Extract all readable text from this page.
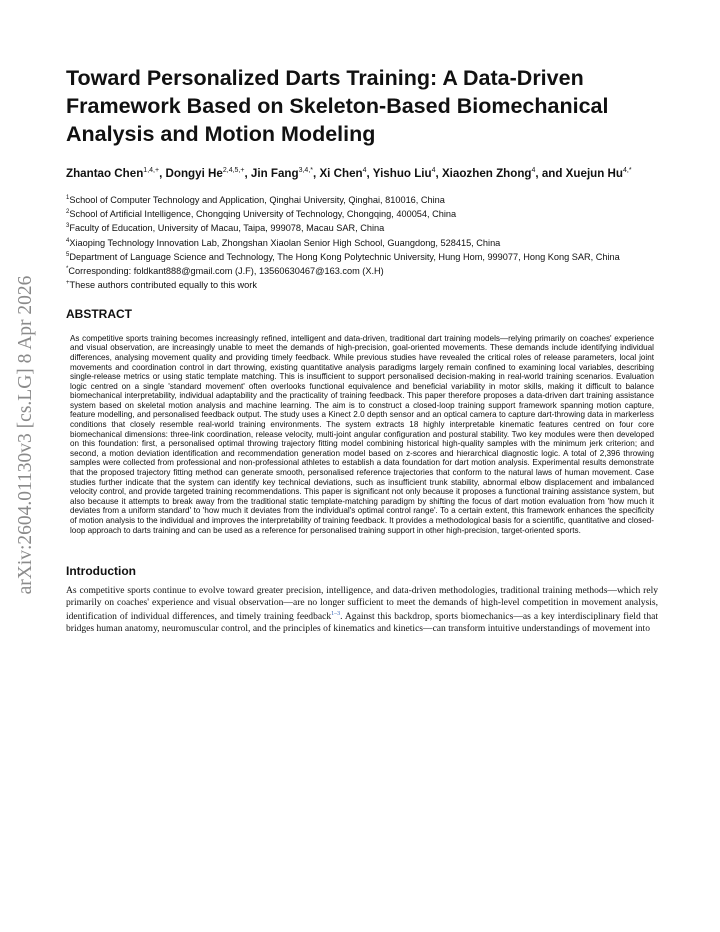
arXiv:2604.01130v3 [cs.LG] 8 Apr 2026
Toward Personalized Darts Training: A Data-Driven Framework Based on Skeleton-Based Biomechanical Analysis and Motion Modeling
Zhantao Chen$^{1,4,+}$, Dongyi $He^{2,4,5,+}$, Jin Fang$^{3,4,*}$, Xi Chen$^4$, Yishuo Liu$^4$, Xiaozhen Zhong$^4$, and Xuejun $Hu^{4,*}$
$^1$School of Computer Technology and Application, Qinghai University, Qinghai, 810016, China
$^2$School of Artificial Intelligence, Chongqing University of Technology, Chongqing, 400054, China
$^3$Faculty of Education, University of Macau, Taipa, 999078, Macau SAR, China
$^4$Xiaoping Technology Innovation Lab, Zhongshan Xiaolan Senior High School, Guangdong, 528415, China
$^5$Department of Language Science and Technology, The Hong Kong Polytechnic University, Hung Hom, 999077, Hong Kong SAR, China
*Corresponding: foldkant888@gmail.com (J.F), 13560630467@163.com (X.H)
+These authors contributed equally to this work
ABSTRACT
As competitive sports training becomes increasingly refined, intelligent and data-driven, traditional dart training models—relying primarily on coaches' experience and visual observation, are increasingly unable to meet the demands of high-precision, goal-oriented movements. These demands include identifying individual differences, analysing movement quality and providing timely feedback. While previous studies have revealed the critical roles of release parameters, local joint movements and coordination control in dart throwing, existing quantitative analysis paradigms largely remain confined to examining local variables, describing single-release metrics or using static template matching. This is insufficient to support personalised decision-making in real-world training scenarios. Evaluation logic centred on a single 'standard movement' often overlooks functional equivalence and beneficial variability in motor skills, making it difficult to balance biomechanical interpretability, individual adaptability and the practicality of training feedback. This paper therefore proposes a data-driven dart training assistance system based on skeletal motion analysis and machine learning. The aim is to construct a closed-loop training support framework spanning motion capture, feature modelling, and personalised feedback output. The study uses a Kinect 2.0 depth sensor and an optical camera to capture dart-throwing data in markerless conditions that closely resemble real-world training environments. The system extracts 18 highly interpretable kinematic features centred on four core biomechanical dimensions: three-link coordination, release velocity, multi-joint angular configuration and postural stability. Two key modules were then developed on this foundation: first, a personalised optimal throwing trajectory fitting model combining historical high-quality samples with the minimum jerk criterion; and second, a motion deviation identification and recommendation generation model based on z-scores and hierarchical diagnostic logic. A total of 2,396 throwing samples were collected from professional and non-professional athletes to establish a data foundation for dart motion analysis. Experimental results demonstrate that the proposed trajectory fitting method can generate smooth, personalised reference trajectories that conform to the natural laws of human movement. Case studies further indicate that the system can identify key technical deviations, such as insufficient trunk stability, abnormal elbow displacement and imbalanced velocity control, and provide targeted training recommendations. This paper is significant not only because it proposes a functional training assistance system, but also because it attempts to break away from the traditional static template-matching paradigm by shifting the focus of dart motion evaluation from 'how much it deviates from a uniform standard' to 'how much it deviates from the individual's optimal control range'. To a certain extent, this framework enhances the specificity of motion analysis to the individual and improves the interpretability of training feedback. It provides a methodological basis for a scientific, quantitative and closed-loop approach to darts training and can be used as a reference for personalised training support in other high-precision, target-oriented sports.
Introduction
As competitive sports continue to evolve toward greater precision, intelligence, and data-driven methodologies, traditional training methods—which rely primarily on coaches' experience and visual observation—are no longer sufficient to meet the demands of high-level competition in movement analysis, identification of individual differences, and timely training feedback$^{1-3}$. Against this backdrop, sports biomechanics—as a key interdisciplinary field that bridges human anatomy, neuromuscular control, and the principles of kinematics and kinetics—can transform intuitive understandings of movement into
